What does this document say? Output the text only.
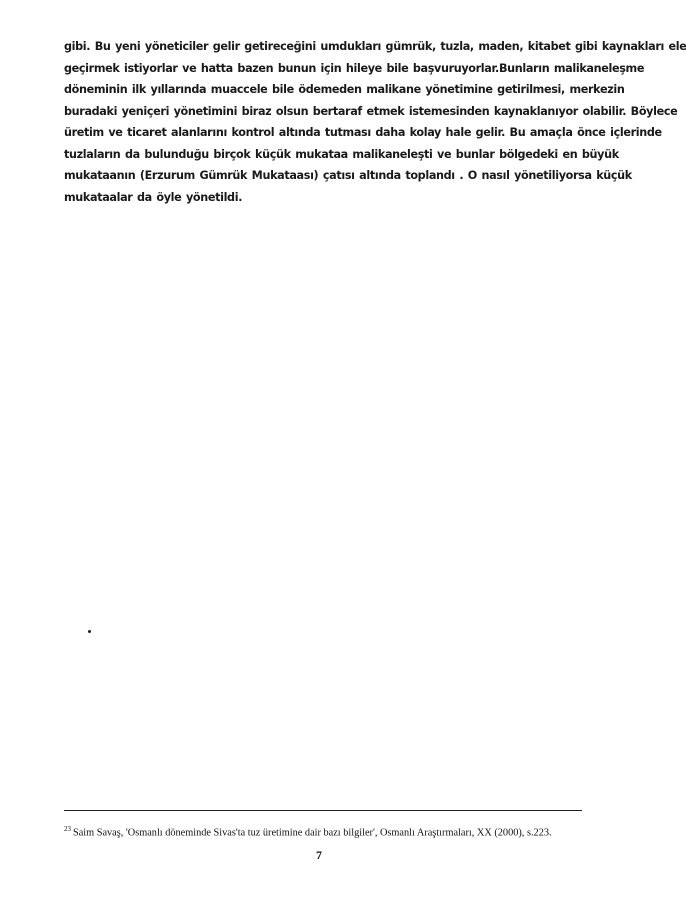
gibi. Bu yeni yöneticiler gelir getireceğini umdukları gümrük, tuzla, maden, kitabet gibi kaynakları ele
geçirmek istiyorlar ve hatta bazen bunun için hileye bile başvuruyorlar.Bunların malikaneleşme
döneminin ilk yıllarında muaccele bile ödemeden malikane yönetimine getirilmesi, merkezin
buradaki yeniçeri yönetimini biraz olsun bertaraf etmek istemesinden kaynaklanıyor olabilir. Böylece
üretim ve ticaret alanlarını kontrol altında tutması daha kolay hale gelir. Bu amaçla önce içlerinde
tuzlaların da bulunduğu birçok küçük mukataa malikaneleşti ve bunlar bölgedeki en büyük
mukataanın (Erzurum Gümrük Mukataası) çatısı altında toplandı . O nasıl yönetiliyorsa küçük
mukataalar da öyle yönetildi.
$^{23}$ Saim Savaş, 'Osmanlı döneminde Sivas'ta tuz üretimine dair bazı bilgiler', Osmanlı Araştırmaları, XX (2000), s.223.
7
